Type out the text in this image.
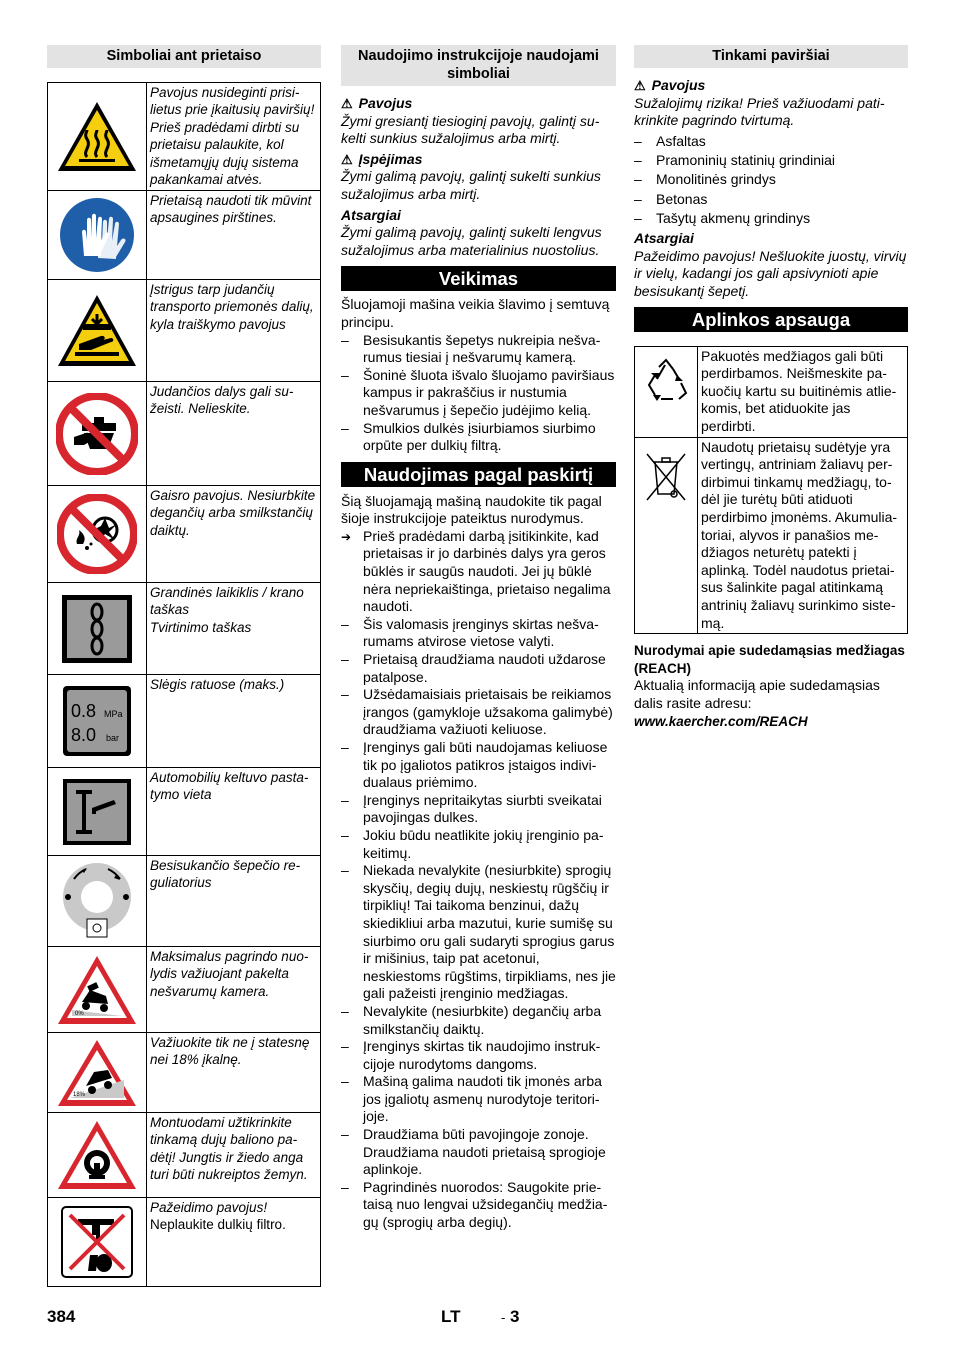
Simboliai ant prietaiso
	Pavojus nusideginti prisilietus prie įkaitusių paviršių! Prieš pradėdami dirbti su prietaisu palaukite, kol išmetamųjų dujų sistema pakankamai atvės.
	Prietaisą naudoti tik mūvint apsaugines pirštines.
	Įstrigus tarp judančių transporto priemonės dalių, kyla traiškymo pavojus
	Judančios dalys gali sužeisti. Nelieskite.
	Gaisro pavojus. Nesiurbkite degančių arba smilkstančių daiktų.
	Grandinės laikiklis / krano taškas
Tvirtinimo taškas

0.8 MPa
8.0 bar	Slėgis ratuose (maks.)
	Automobilių keltuvo pastatymo vieta
	Besisukančio šepečio reguliatorius

0%	Maksimalus pagrindo nuolydis važiuojant pakelta nešvarumų kamera.

18%	Važiuokite tik ne į statesnę nei 18% įkalnę.
	Montuodami užtikrinkite tinkamą dujų baliono padėtį! Jungtis ir žiedo anga turi būti nukreiptos žemyn.
	Pažeidimo pavojus!
Neplaukite dulkių filtro.
Naudojimo instrukcijoje naudojami simboliai

⚠ Pavojus

Žymi gresiantį tiesioginį pavojų, galintį sukelti sunkius sužalojimus arba mirtį.

⚠ Įspėjimas

Žymi galimą pavojų, galintį sukelti sunkius sužalojimus arba mirtį.

Atsargiai

Žymi galimą pavojų, galintį sukelti lengvus sužalojimus arba materialinius nuostolius.

Veikimas

Šluojamoji mašina veikia šlavimo į semtuvą principu.

– Besisukantis šepetys nukreipia nešvarumus tiesiai į nešvarumų kamerą.
– Šoninė šluota išvalo šluojamo paviršiaus kampus ir pakraščius ir nustumia nešvarumus į šepečio judėjimo kelią.
– Smulkios dulkės įsiurbiamos siurbimo orpūte per dulkių filtrą.
Naudojimas pagal paskirtį

Šią šluojamąją mašiną naudokite tik pagal šioje instrukcijoje pateiktus nurodymus.

➔ Prieš pradėdami darbą įsitikinkite, kad prietaisas ir jo darbinės dalys yra geros būklės ir saugūs naudoti. Jei jų būklė nėra nepriekaištinga, prietaiso negalima naudoti.
– Šis valomasis įrenginys skirtas nešvarumams atvirose vietose valyti.
– Prietaisą draudžiama naudoti uždarose patalpose.
– Užsėdamaisiais prietaisais be reikiamos įrangos (gamykloje užsakoma galimybė) draudžiama važiuoti keliuose.
– Įrenginys gali būti naudojamas keliuose tik po įgaliotos patikros įstaigos individualaus priėmimo.
– Įrenginys nepritaikytas siurbti sveikatai pavojingas dulkes.
– Jokiu būdu neatlikite jokių įrenginio pakeitimų.
– Niekada nevalykite (nesiurbkite) sprogių skysčių, degių dujų, neskiestų rūgščių ir tirpiklių! Tai taikoma benzinui, dažų skiedikliui arba mazutui, kurie sumišę su siurbimo oru gali sudaryti sprogius garus ir mišinius, taip pat acetonui, neskiestoms rūgštims, tirpikliams, nes jie gali pažeisti įrenginio medžiagas.
– Nevalykite (nesiurbkite) degančių arba smilkstančių daiktų.
– Įrenginys skirtas tik naudojimo instrukcijoje nurodytoms dangoms.
– Mašiną galima naudoti tik įmonės arba jos įgaliotų asmenų nurodytoje teritorijoje.
– Draudžiama būti pavojingoje zonoje. Draudžiama naudoti prietaisą sprogioje aplinkoje.
– Pagrindinės nuorodos: Saugokite prietaisą nuo lengvai užsidegančių medžiagų (sprogių arba degių).
Tinkami paviršiai

⚠ Pavojus

Sužalojimų rizika! Prieš važiuodami patikrinkite pagrindo tvirtumą.

– Asfaltas
– Pramoninių statinių grindiniai
– Monolitinės grindys
– Betonas
– Tašytų akmenų grindinys

Atsargiai

Pažeidimo pavojus! Nešluokite juostų, virvių ir vielų, kadangi jos gali apsivynioti apie besisukantį šepetį.

Aplinkos apsauga
	Pakuotės medžiagos gali būti perdirbamos. Neišmeskite pakuočių kartu su buitinėmis atliekomis, bet atiduokite jas perdirbti.
	Naudotų prietaisų sudėtyje yra vertingų, antriniam žaliavų perdirbimui tinkamų medžiagų, todėl jie turėtų būti atiduoti perdirbimo įmonėms. Akumuliatoriai, alyvos ir panašios medžiagos neturėtų patekti į aplinką. Todėl naudotus prietaisus šalinkite pagal atitinkamą antrinių žaliavų surinkimo sistemą.

Nurodymai apie sudedamąsias medžiagas (REACH)

Aktualią informaciją apie sudedamąsias dalis rasite adresu:

www.kaercher.com/REACH

384	LT	- 3
